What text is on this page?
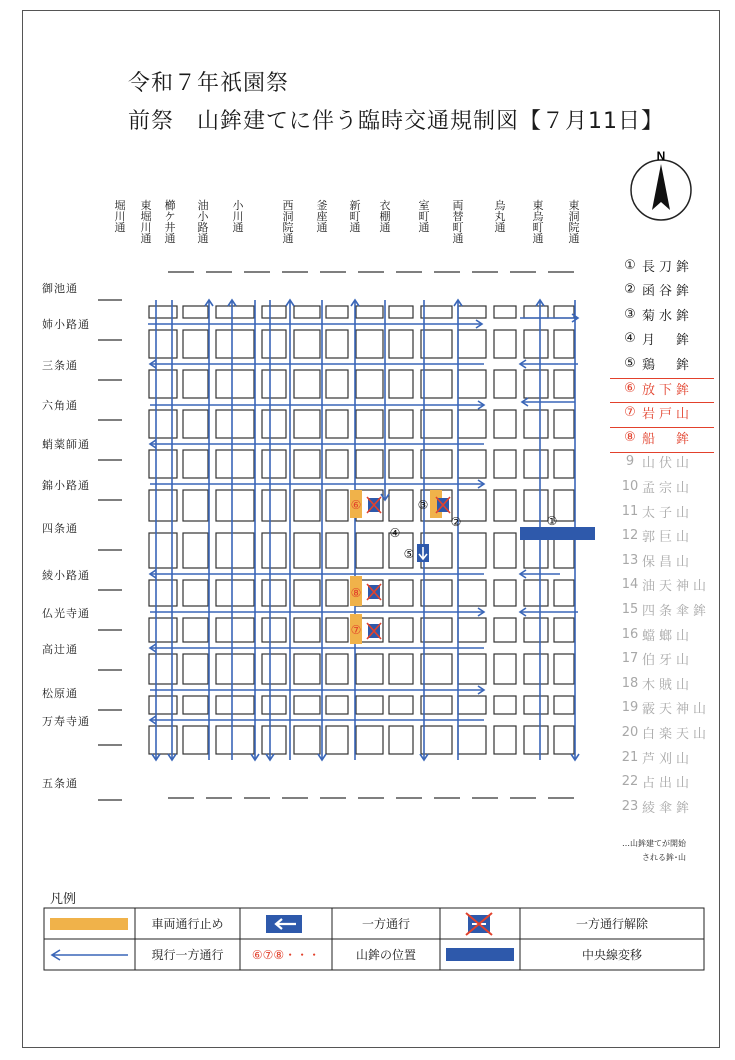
令和７年祇園祭
前祭　山鉾建てに伴う臨時交通規制図【７月11日】
N
堀川通
東堀川通
櫛ケ井通
油小路通
小川通
西洞院通
釜座通
新町通
衣棚通
室町通
両替町通
烏丸通
東烏町通
東洞院通
御池通
姉小路通
三条通
六角通
蛸薬師通
錦小路通
四条通
綾小路通
仏光寺通
高辻通
松原通
万寿寺通
五条通
①
②
③
④
⑤
⑥
⑧
⑦
① 長刀鉾
② 函谷鉾
③ 菊水鉾
④ 月　鉾
⑤ 鶏　鉾
⑥ 放下鉾
⑦ 岩戸山
⑧ 船　鉾
9 山伏山
10 孟宗山
11 太子山
12 郭巨山
13 保昌山
14 油天神山
15 四条傘鉾
16 蟷螂山
17 伯牙山
18 木賊山
19 霰天神山
20 白楽天山
21 芦刈山
22 占出山
23 綾傘鉾
…山鉾建てが開始
される鉾･山
凡例
車両通行止め	一方通行	一方通行解除
現行一方通行	⑥⑦⑧・・・	山鉾の位置	中央線変移
